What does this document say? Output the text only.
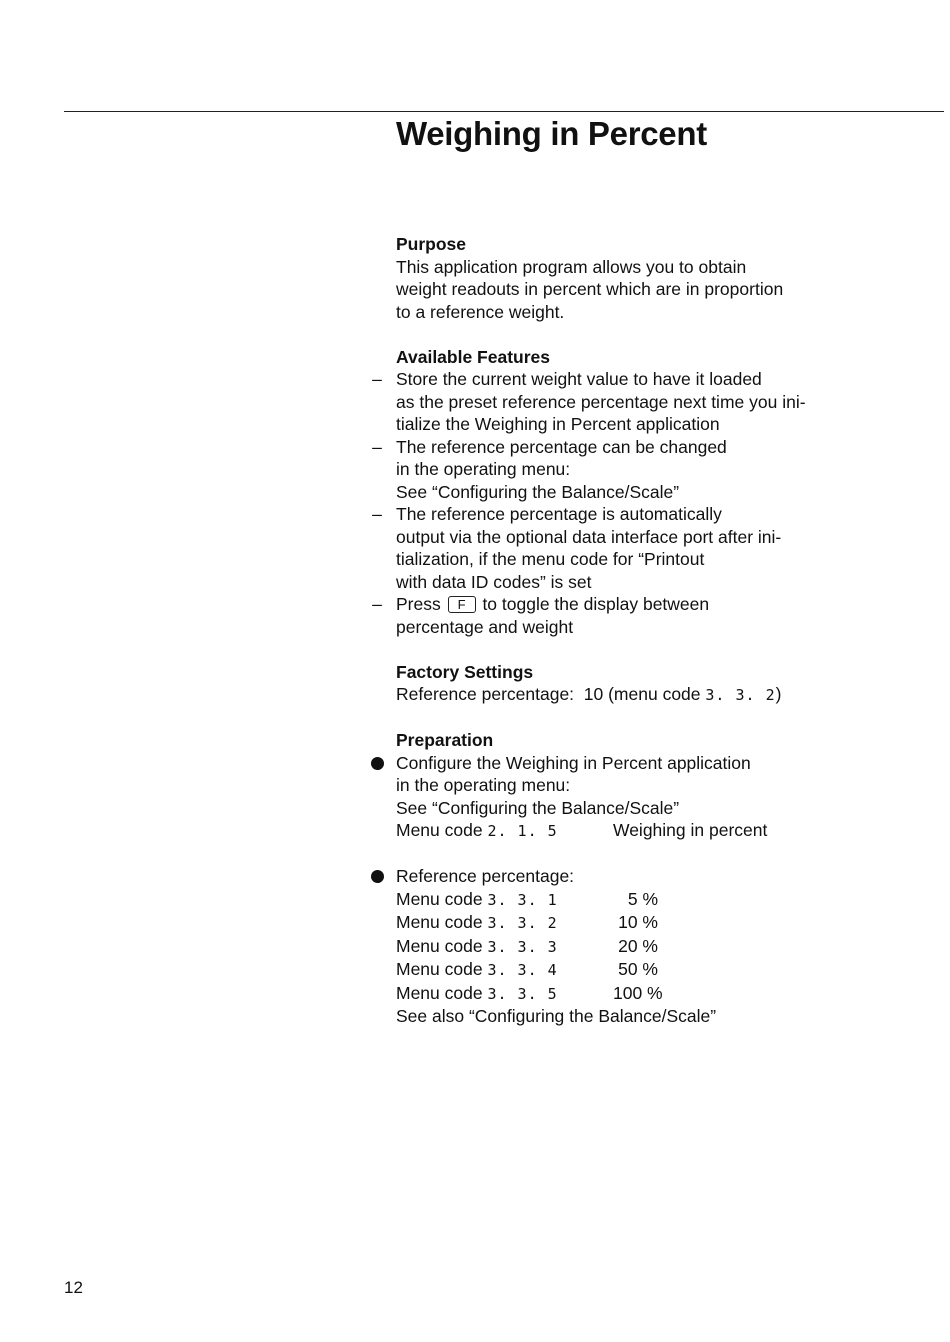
Weighing in Percent
Purpose
This application program allows you to obtain
weight readouts in percent which are in proportion
to a reference weight.
Available Features
– Store the current weight value to have it loaded
as the preset reference percentage next time you ini-
tialize the Weighing in Percent application
– The reference percentage can be changed
in the operating menu:
See “Configuring the Balance/Scale”
– The reference percentage is automatically
output via the optional data interface port after ini-
tialization, if the menu code for “Printout
with data ID codes” is set
– Press F to toggle the display between
percentage and weight
Factory Settings
Reference percentage: 10 (menu code 3. 3. 2)
Preparation
Configure the Weighing in Percent application
in the operating menu:
See “Configuring the Balance/Scale”
Menu code 2. 1. 5	Weighing in percent
Reference percentage:
Menu code 3. 3. 1	5 %
Menu code 3. 3. 2	10 %
Menu code 3. 3. 3	20 %
Menu code 3. 3. 4	50 %
Menu code 3. 3. 5	100 %
See also “Configuring the Balance/Scale”
12
